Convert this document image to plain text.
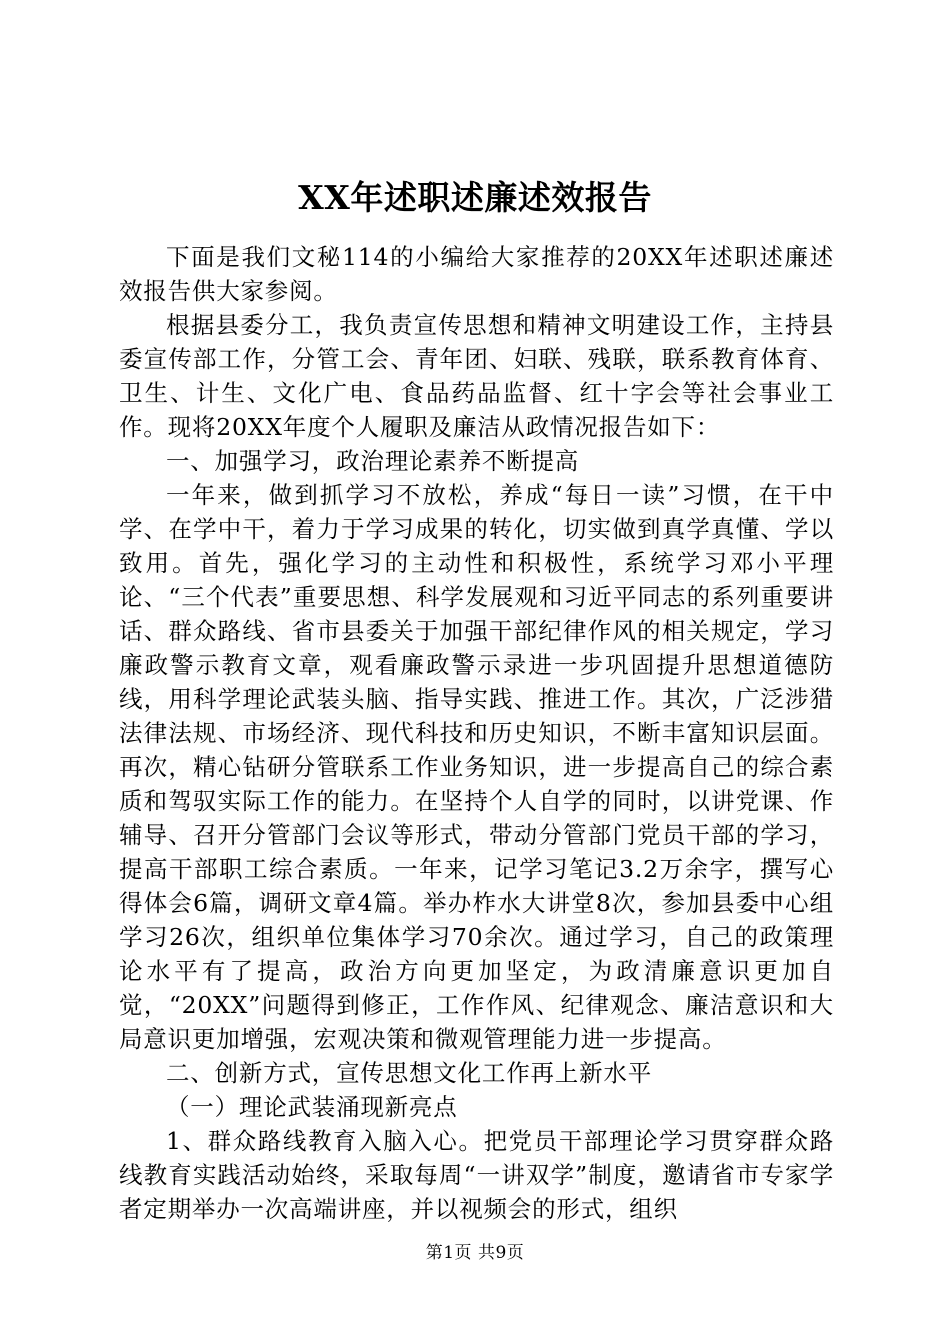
XX年述职述廉述效报告

下面是我们文秘114的小编给大家推荐的20XX年述职述廉述效报告供大家参阅。

根据县委分工，我负责宣传思想和精神文明建设工作，主持县委宣传部工作，分管工会、青年团、妇联、残联，联系教育体育、卫生、计生、文化广电、食品药品监督、红十字会等社会事业工作。现将20XX年度个人履职及廉洁从政情况报告如下：

一、加强学习，政治理论素养不断提高

一年来，做到抓学习不放松，养成“每日一读”习惯，在干中学、在学中干，着力于学习成果的转化，切实做到真学真懂、学以致用。首先，强化学习的主动性和积极性，系统学习邓小平理论、“三个代表”重要思想、科学发展观和习近平同志的系列重要讲话、群众路线、省市县委关于加强干部纪律作风的相关规定，学习廉政警示教育文章，观看廉政警示录进一步巩固提升思想道德防线，用科学理论武装头脑、指导实践、推进工作。其次，广泛涉猎法律法规、市场经济、现代科技和历史知识，不断丰富知识层面。再次，精心钻研分管联系工作业务知识，进一步提高自己的综合素质和驾驭实际工作的能力。在坚持个人自学的同时，以讲党课、作辅导、召开分管部门会议等形式，带动分管部门党员干部的学习，提高干部职工综合素质。一年来，记学习笔记3.2万余字，撰写心得体会6篇，调研文章4篇。举办柞水大讲堂8次，参加县委中心组学习26次，组织单位集体学习70余次。通过学习，自己的政策理论水平有了提高，政治方向更加坚定，为政清廉意识更加自觉，“20XX”问题得到修正，工作作风、纪律观念、廉洁意识和大局意识更加增强，宏观决策和微观管理能力进一步提高。

二、创新方式，宣传思想文化工作再上新水平

（一）理论武装涌现新亮点

1、群众路线教育入脑入心。把党员干部理论学习贯穿群众路线教育实践活动始终，采取每周“一讲双学”制度，邀请省市专家学者定期举办一次高端讲座，并以视频会的形式，组织

第1页 共9页
